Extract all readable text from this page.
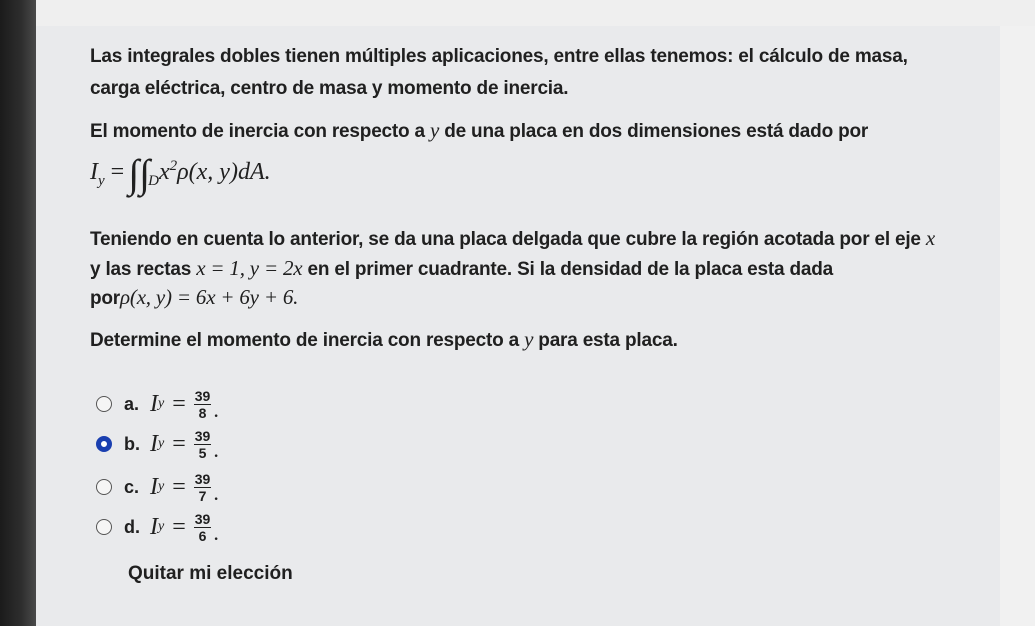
Las integrales dobles tienen múltiples aplicaciones, entre ellas tenemos: el cálculo de masa,
carga eléctrica, centro de masa y momento de inercia.
El momento de inercia con respecto a y de una placa en dos dimensiones está dado por
$I_y = \int\int_Dx^2\rho(x$, y)dA.
Teniendo en cuenta lo anterior, se da una placa delgada que cubre la región acotada por el eje x
y las rectas x = 1, y = 2x en el primer cuadrante. Si la densidad de la placa esta dada
porρ(x, y) = 6x + 6y + 6.
Determine el momento de inercia con respecto a y para esta placa.
a. I $y = \frac{39}{8}$ .
b. I $y = \frac{39}{5}$ .
c. I $y = \frac{39}{7}$ .
d. I $y = \frac{39}{6}$ .
Quitar mi elección
